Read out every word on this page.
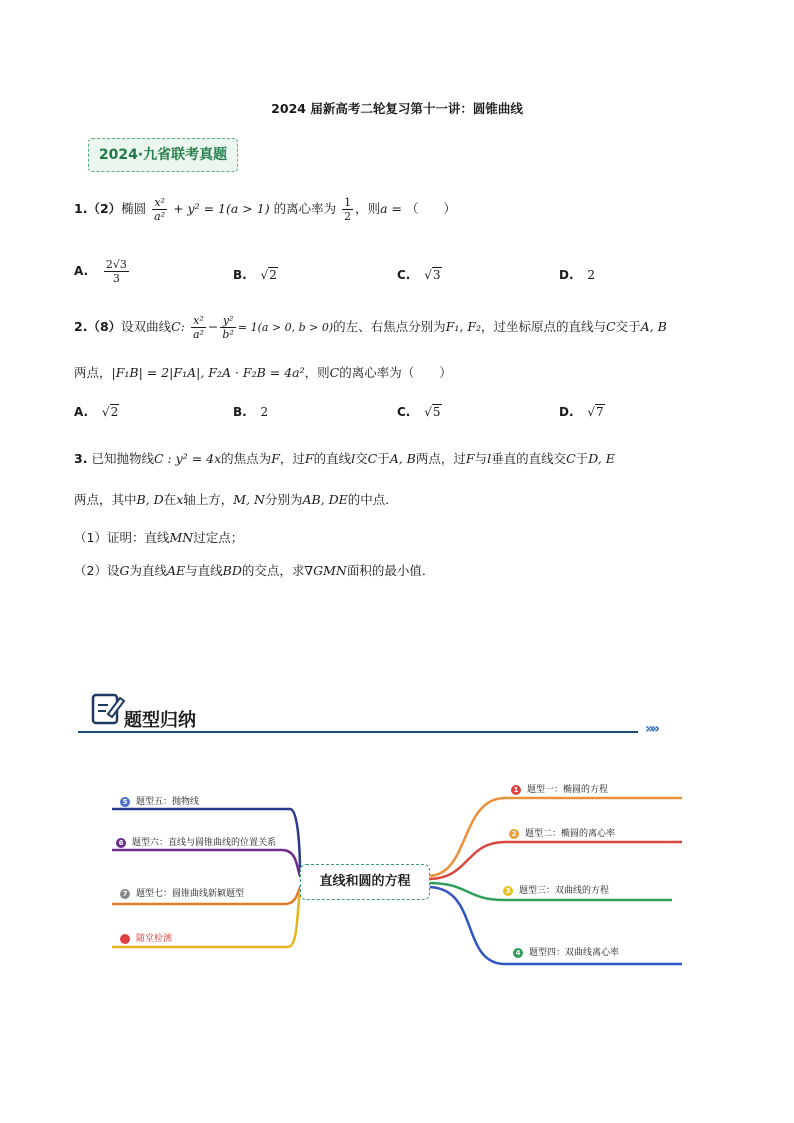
2024 届新高考二轮复习第十一讲：圆锥曲线
2024·九省联考真题
1.（2）椭圆 $\frac{\text{x²}}{\text{a²}} + y^2 = 1(a > 1)$ 的离心率为 $\frac{1}{2}$ ，则a = （　　）
A. $\frac{2√3}{3}$	B. √2	C. √3	D. 2
2.（8）设双曲线C: $\frac{\text{x²}}{\text{a²}} - \frac{\text{y²}}{\text{b²}} = 1(a > 0$, b > 0)的左、右焦点分别为F₁, F₂，过坐标原点的直线与C交于A, B
两点，|F₁B| = 2|F₁A|, F₂A · F₂B = 4a²，则C的离心率为（　　）
A. √2	B. 2	C. √5	D. √7
3. 已知抛物线C : y² = 4x的焦点为F，过F的直线l交C于A, B两点，过F与l垂直的直线交C于D, E
两点，其中B, D在x轴上方，M, N分别为AB, DE的中点．
（1）证明：直线MN过定点；
（2）设G为直线AE与直线BD的交点，求∇GMN面积的最小值．
题型归纳	»»
直线和圆的方程
5 题型五：抛物线
6 题型六：直线与圆锥曲线的位置关系
7 题型七：圆锥曲线新颖题型
随堂检测
1 题型一：椭圆的方程
2 题型二：椭圆的离心率
3 题型三：双曲线的方程
4 题型四：双曲线离心率
